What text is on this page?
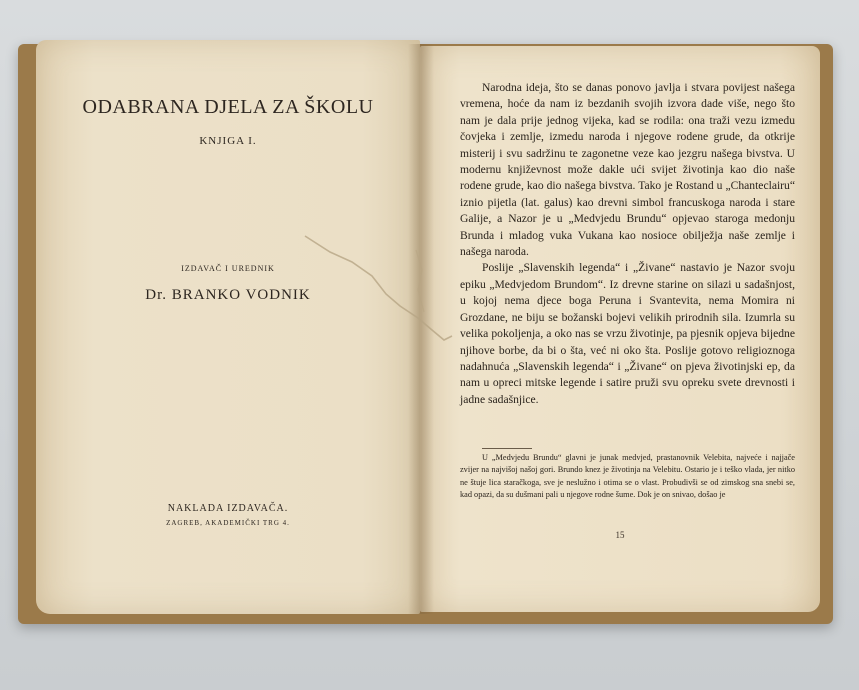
ODABRANA DJELA ZA ŠKOLU
KNJIGA I.
IZDAVAČ I UREDNIK
Dr. BRANKO VODNIK
NAKLADA IZDAVAČA.
ZAGREB, AKADEMIČKI TRG 4.

Narodna ideja, što se danas ponovo javlja i stvara povijest našega vremena, hoće da nam iz bezdanih svojih izvora dade više, nego što nam je dala prije jednog vijeka, kad se rodila: ona traži vezu izmedu čovjeka i zemlje, izmedu naroda i njegove rodene grude, da otkrije misterij i svu sadržinu te zagonetne veze kao jezgru našega bivstva. U modernu književnost može dakle ući svijet životinja kao dio naše rodene grude, kao dio našega bivstva. Tako je Rostand u „Chanteclairu“ iznio pijetla (lat. galus) kao drevni simbol francuskoga naroda i stare Galije, a Nazor je u „Medvjedu Brundu“ opjevao staroga medonju Brunda i mladog vuka Vukana kao nosioce obilježja naše zemlje i našega naroda.

Poslije „Slavenskih legenda“ i „Živane“ nastavio je Nazor svoju epiku „Medvjedom Brundom“. Iz drevne starine on silazi u sadašnjost, u kojoj nema djece boga Peruna i Svantevita, nema Momira ni Grozdane, ne biju se božanski bojevi velikih prirodnih sila. Izumrla su velika pokoljenja, a oko nas se vrzu životinje, pa pjesnik opjeva bijedne njihove borbe, da bi o šta, već ni oko šta. Poslije gotovo religioznoga nadahnuća „Slavenskih legenda“ i „Živane“ on pjeva životinjski ep, da nam u opreci mitske legende i satire pruži svu opreku svete drevnosti i jadne sadašnjice.

U „Medvjedu Brundu“ glavni je junak medvjed, prastanovnik Velebita, najveće i najjače zvijer na najvišoj našoj gori. Brundo knez je životinja na Velebitu. Ostario je i teško vlada, jer nitko ne štuje lica staračkoga, sve je neslužno i otima se o vlast. Probudivši se od zimskog sna snebi se, kad opazi, da su dušmani pali u njegove rodne šume. Dok je on snivao, došao je

15
